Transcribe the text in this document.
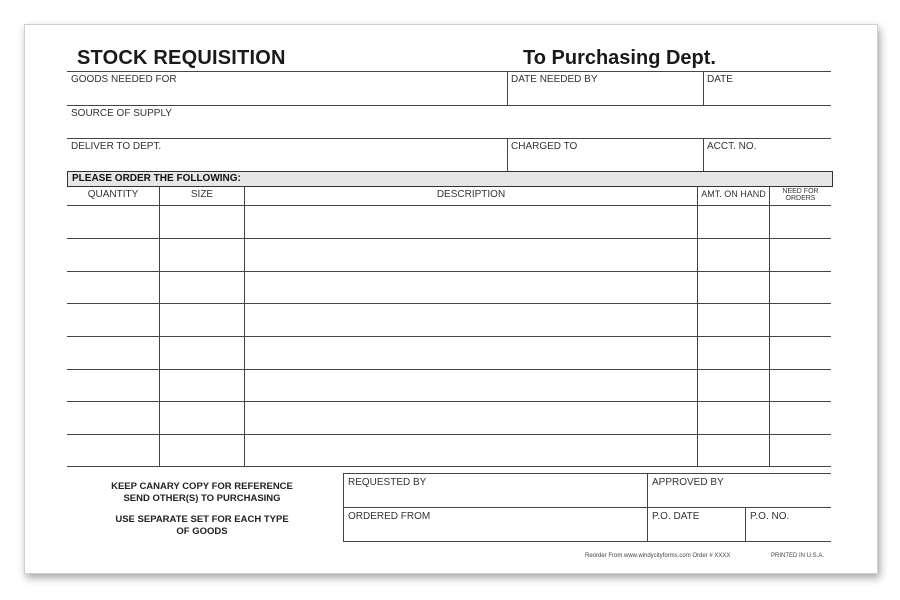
STOCK REQUISITION	To Purchasing Dept.
GOODS NEEDED FOR	DATE NEEDED BY	DATE
SOURCE OF SUPPLY
DELIVER TO DEPT.	CHARGED TO	ACCT. NO.
PLEASE ORDER THE FOLLOWING:
QUANTITY	SIZE	DESCRIPTION	AMT. ON HAND	NEED FOR
ORDERS
KEEP CANARY COPY FOR REFERENCE
SEND OTHER(S) TO PURCHASING
USE SEPARATE SET FOR EACH TYPE
OF GOODS
REQUESTED BY	APPROVED BY
ORDERED FROM	P.O. DATE	P.O. NO.
Reorder From www.windycityforms.com Order # XXXX	PRINTED IN U.S.A.
